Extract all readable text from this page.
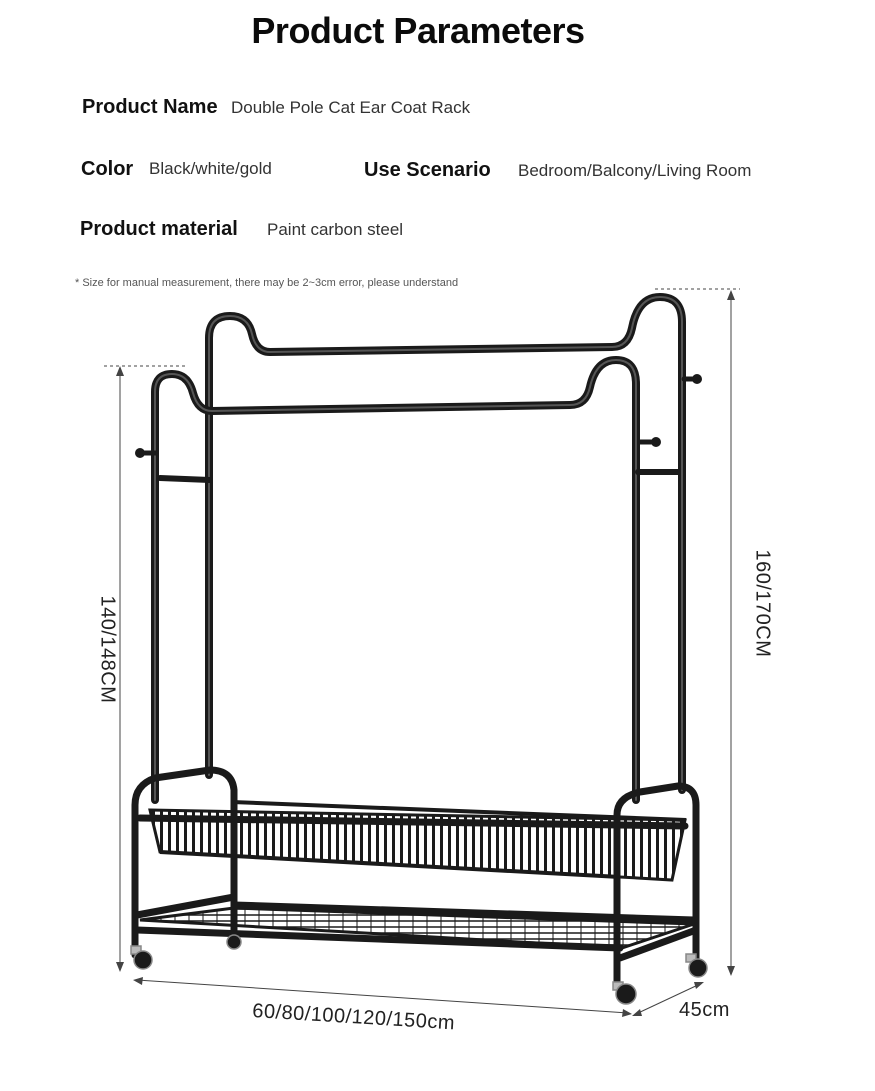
Product Parameters
Product Name Double Pole Cat Ear Coat Rack
Color Black/white/gold	Use Scenario Bedroom/Balcony/Living Room
Product material Paint carbon steel
* Size for manual measurement, there may be 2~3cm error, please understand
140/148CM	160/170CM
60/80/100/120/150cm	45cm
